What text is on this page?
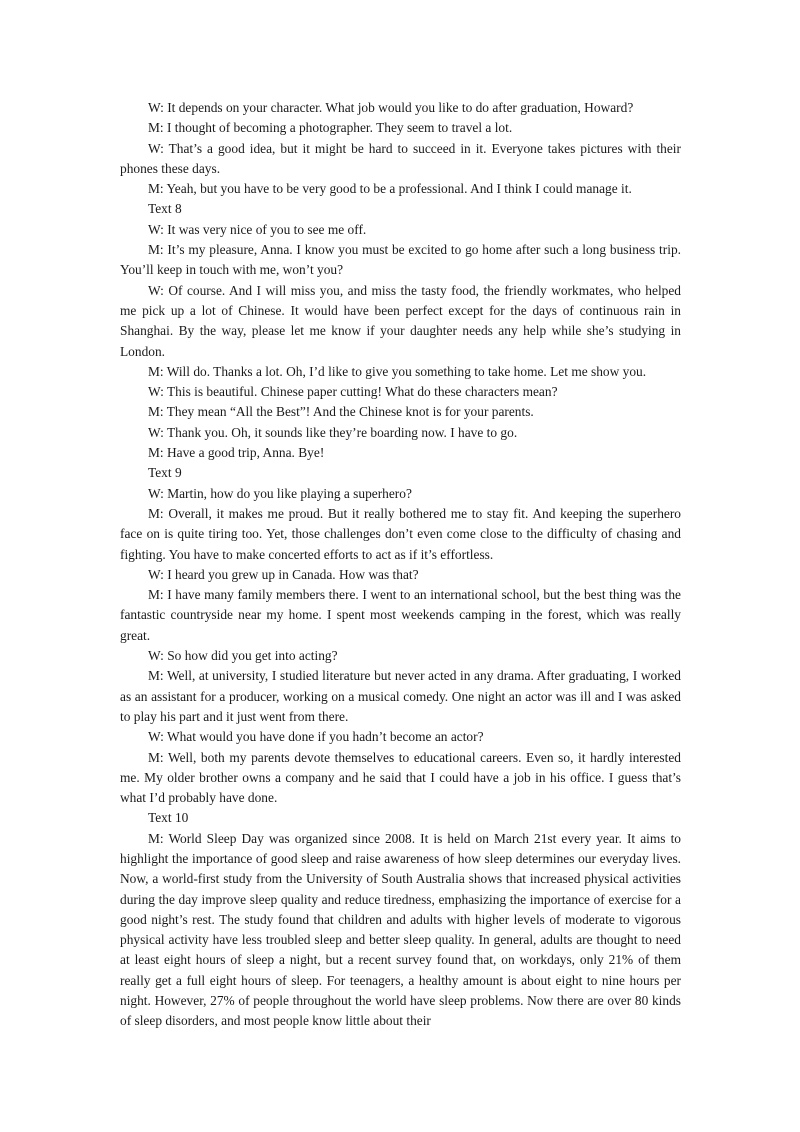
W: It depends on your character. What job would you like to do after graduation, Howard?

M: I thought of becoming a photographer. They seem to travel a lot.

W: That’s a good idea, but it might be hard to succeed in it. Everyone takes pictures with their phones these days.

M: Yeah, but you have to be very good to be a professional. And I think I could manage it.

Text 8

W: It was very nice of you to see me off.

M: It’s my pleasure, Anna. I know you must be excited to go home after such a long business trip. You’ll keep in touch with me, won’t you?

W: Of course. And I will miss you, and miss the tasty food, the friendly workmates, who helped me pick up a lot of Chinese. It would have been perfect except for the days of continuous rain in Shanghai. By the way, please let me know if your daughter needs any help while she’s studying in London.

M: Will do. Thanks a lot. Oh, I’d like to give you something to take home. Let me show you.

W: This is beautiful. Chinese paper cutting! What do these characters mean?

M: They mean “All the Best”! And the Chinese knot is for your parents.

W: Thank you. Oh, it sounds like they’re boarding now. I have to go.

M: Have a good trip, Anna. Bye!

Text 9

W: Martin, how do you like playing a superhero?

M: Overall, it makes me proud. But it really bothered me to stay fit. And keeping the superhero face on is quite tiring too. Yet, those challenges don’t even come close to the difficulty of chasing and fighting. You have to make concerted efforts to act as if it’s effortless.

W: I heard you grew up in Canada. How was that?

M: I have many family members there. I went to an international school, but the best thing was the fantastic countryside near my home. I spent most weekends camping in the forest, which was really great.

W: So how did you get into acting?

M: Well, at university, I studied literature but never acted in any drama. After graduating, I worked as an assistant for a producer, working on a musical comedy. One night an actor was ill and I was asked to play his part and it just went from there.

W: What would you have done if you hadn’t become an actor?

M: Well, both my parents devote themselves to educational careers. Even so, it hardly interested me. My older brother owns a company and he said that I could have a job in his office. I guess that’s what I’d probably have done.

Text 10

M: World Sleep Day was organized since 2008. It is held on March 21st every year. It aims to highlight the importance of good sleep and raise awareness of how sleep determines our everyday lives. Now, a world-first study from the University of South Australia shows that increased physical activities during the day improve sleep quality and reduce tiredness, emphasizing the importance of exercise for a good night’s rest. The study found that children and adults with higher levels of moderate to vigorous physical activity have less troubled sleep and better sleep quality. In general, adults are thought to need at least eight hours of sleep a night, but a recent survey found that, on workdays, only 21% of them really get a full eight hours of sleep. For teenagers, a healthy amount is about eight to nine hours per night. However, 27% of people throughout the world have sleep problems. Now there are over 80 kinds of sleep disorders, and most people know little about their
